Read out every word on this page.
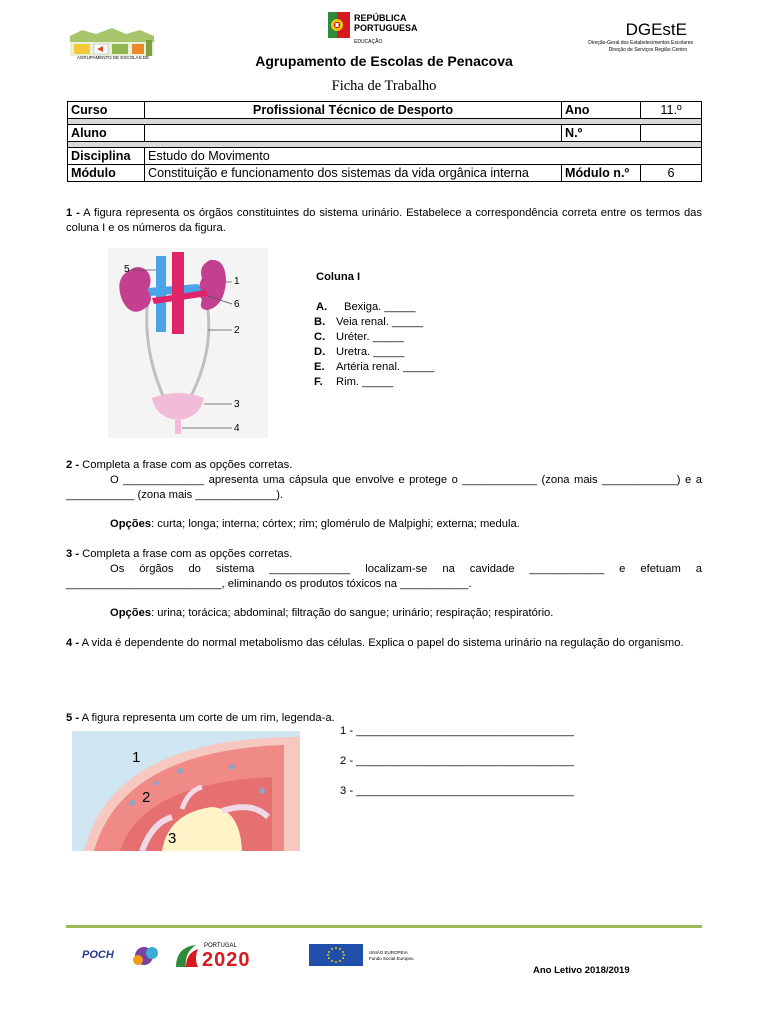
AGRUPAMENTO DE ESCOLAS DE
REPÚBLICA
PORTUGUESA
EDUCAÇÃO
DGEstE
Direção-Geral dos Estabelecimentos Escolares
Direção de Serviços Região Centro
Agrupamento de Escolas de Penacova
Ficha de Trabalho
Curso	Profissional Técnico de Desporto	Ano	11.º

Aluno		N.º	

Disciplina	Estudo do Movimento		
Módulo	Constituição e funcionamento dos sistemas da vida orgânica interna	Módulo n.º	6
1 - A figura representa os órgãos constituintes do sistema urinário. Estabelece a correspondência correta entre os termos das coluna I e os números da figura.
5
1
6
2
3
4
Coluna I
A.	Bexiga. _____
B. Veia renal. _____
C. Uréter. _____
D. Uretra. _____
E.	Artéria renal. _____
F.	Rim. _____
2 - Completa a frase com as opções corretas.
O _____________ apresenta uma cápsula que envolve e protege o ____________ (zona mais ____________) e a ___________ (zona mais _____________).
Opções: curta; longa; interna; córtex; rim; glomérulo de Malpighi; externa; medula.
3 - Completa a frase com as opções corretas.
Os órgãos do sistema _____________ localizam-se na cavidade ____________ e efetuam a _________________________, eliminando os produtos tóxicos na ___________.
Opções: urina; torácica; abdominal; filtração do sangue; urinário; respiração; respiratório.
4 - A vida é dependente do normal metabolismo das células. Explica o papel do sistema urinário na regulação do organismo.
5 - A figura representa um corte de um rim, legenda-a.
1
2
3
1 - ___________________________________
2 - ___________________________________
3 - ___________________________________
POCH
PORTUGAL
2020	UNIÃO EUROPEIA
Fundo Social Europeu
Ano Letivo 2018/2019
